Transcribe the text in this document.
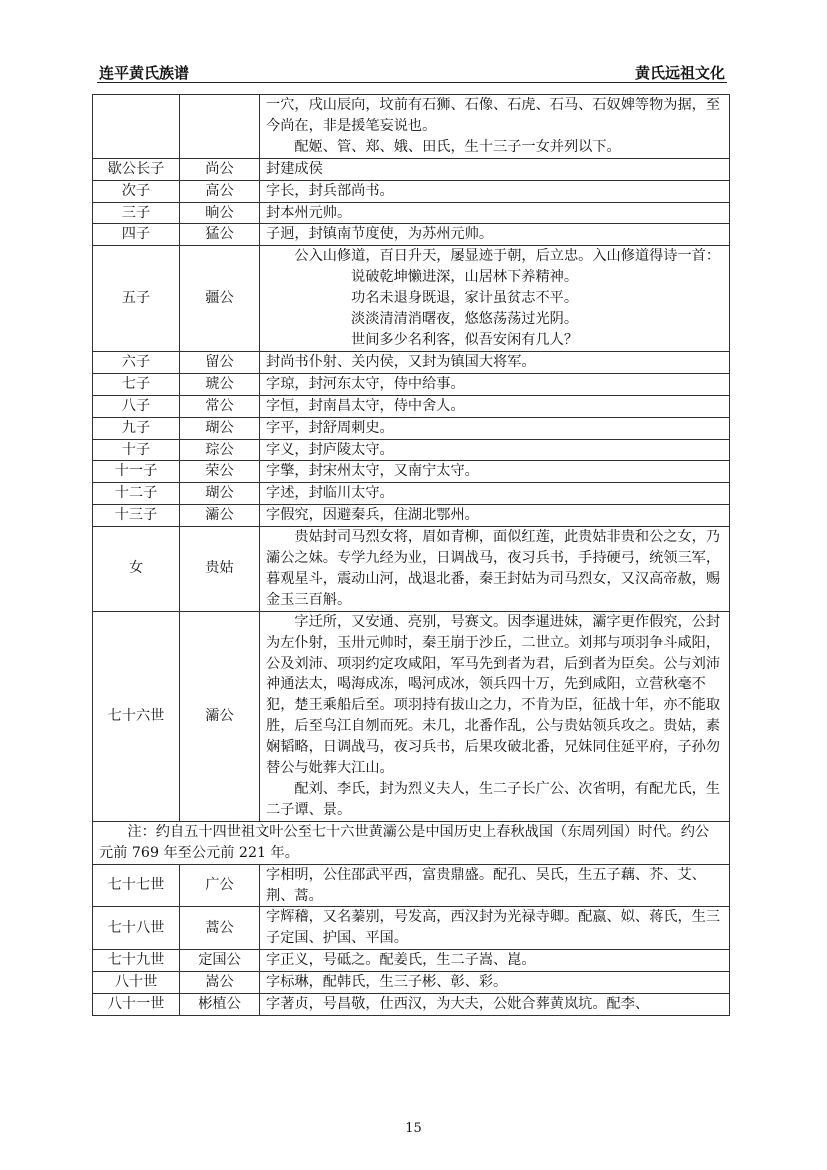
连平黄氏族谱	黄氏远祖文化

		一穴，戌山辰向，坟前有石狮、石像、石虎、石马、石奴婢等物为据，至今尚在，非是援笔妄说也。

配姬、管、郑、娥、田氏，生十三子一女并列以下。

歇公长子	尚公	封建成侯

次子	高公	字长，封兵部尚书。

三子	晌公	封本州元帅。

四子	猛公	子迥，封镇南节度使，为苏州元帅。

五子	疆公	公入山修道，百日升天，屡显迹于朝，后立忠。入山修道得诗一首：

说破乾坤懒进深，山居林下养精神。

功名未退身既退，家计虽贫志不平。

淡淡清清消曙夜，悠悠荡荡过光阴。

世间多少名利客，似吾安闲有几人？

六子	留公	封尚书仆射、关内侯，又封为镇国大将军。

七子	琥公	字琼，封河东太守，侍中给事。

八子	常公	字恒，封南昌太守，侍中舍人。

九子	瑚公	字平，封舒周刺史。

十子	琮公	字义，封庐陵太守。

十一子	荣公	字擎，封宋州太守，又南宁太守。

十二子	瑚公	字述，封临川太守。

十三子	灞公	字假究，因避秦兵，住湖北鄂州。

女	贵姑	贵姑封司马烈女将，眉如青柳，面似红莲，此贵姑非贵和公之女，乃灞公之妹。专学九经为业，日调战马，夜习兵书，手持硬弓，统领三军，暮观星斗，震动山河，战退北番，秦王封姑为司马烈女，又汉高帝赦，赐金玉三百斛。

七十六世	灞公	字迁所，又安通、亮别，号赛文。因李暹进妹，灞字更作假究，公封为左仆射，玉卅元帅时，秦王崩于沙丘，二世立。刘邦与项羽争斗咸阳，公及刘沛、项羽约定攻咸阳，军马先到者为君，后到者为臣矣。公与刘沛神通法太，喝海成冻，喝河成冰，领兵四十万，先到咸阳，立营秋毫不犯，楚王乘船后至。项羽持有拔山之力，不肯为臣，征战十年，亦不能取胜，后至乌江自刎而死。未几，北番作乱，公与贵姑领兵攻之。贵姑，素娴韬略，日调战马，夜习兵书，后果攻破北番，兄妹同住延平府，子孙勿替公与妣葬大江山。

配刘、李氏，封为烈义夫人，生二子长广公、次省明，有配尤氏，生二子谭、景。

注：约自五十四世祖文叶公至七十六世黄灞公是中国历史上春秋战国（东周列国）时代。约公元前 769 年至公元前 221 年。		

七十七世	广公	字相明，公住邵武平西，富贵鼎盛。配孔、吴氏，生五子藕、芥、艾、荆、蒿。

七十八世	蒿公	字辉稽，又名蓁别，号发高，西汉封为光禄寺卿。配嬴、姒、蒋氏，生三子定国、护国、平国。

七十九世	定国公	字正义，号砥之。配姜氏，生二子嵩、崑。

八十世	嵩公	字标琳，配韩氏，生三子彬、彰、彩。

八十一世	彬植公	字著贞，号昌敬，仕西汉，为大夫，公妣合葬黄岚坑。配李、

15
